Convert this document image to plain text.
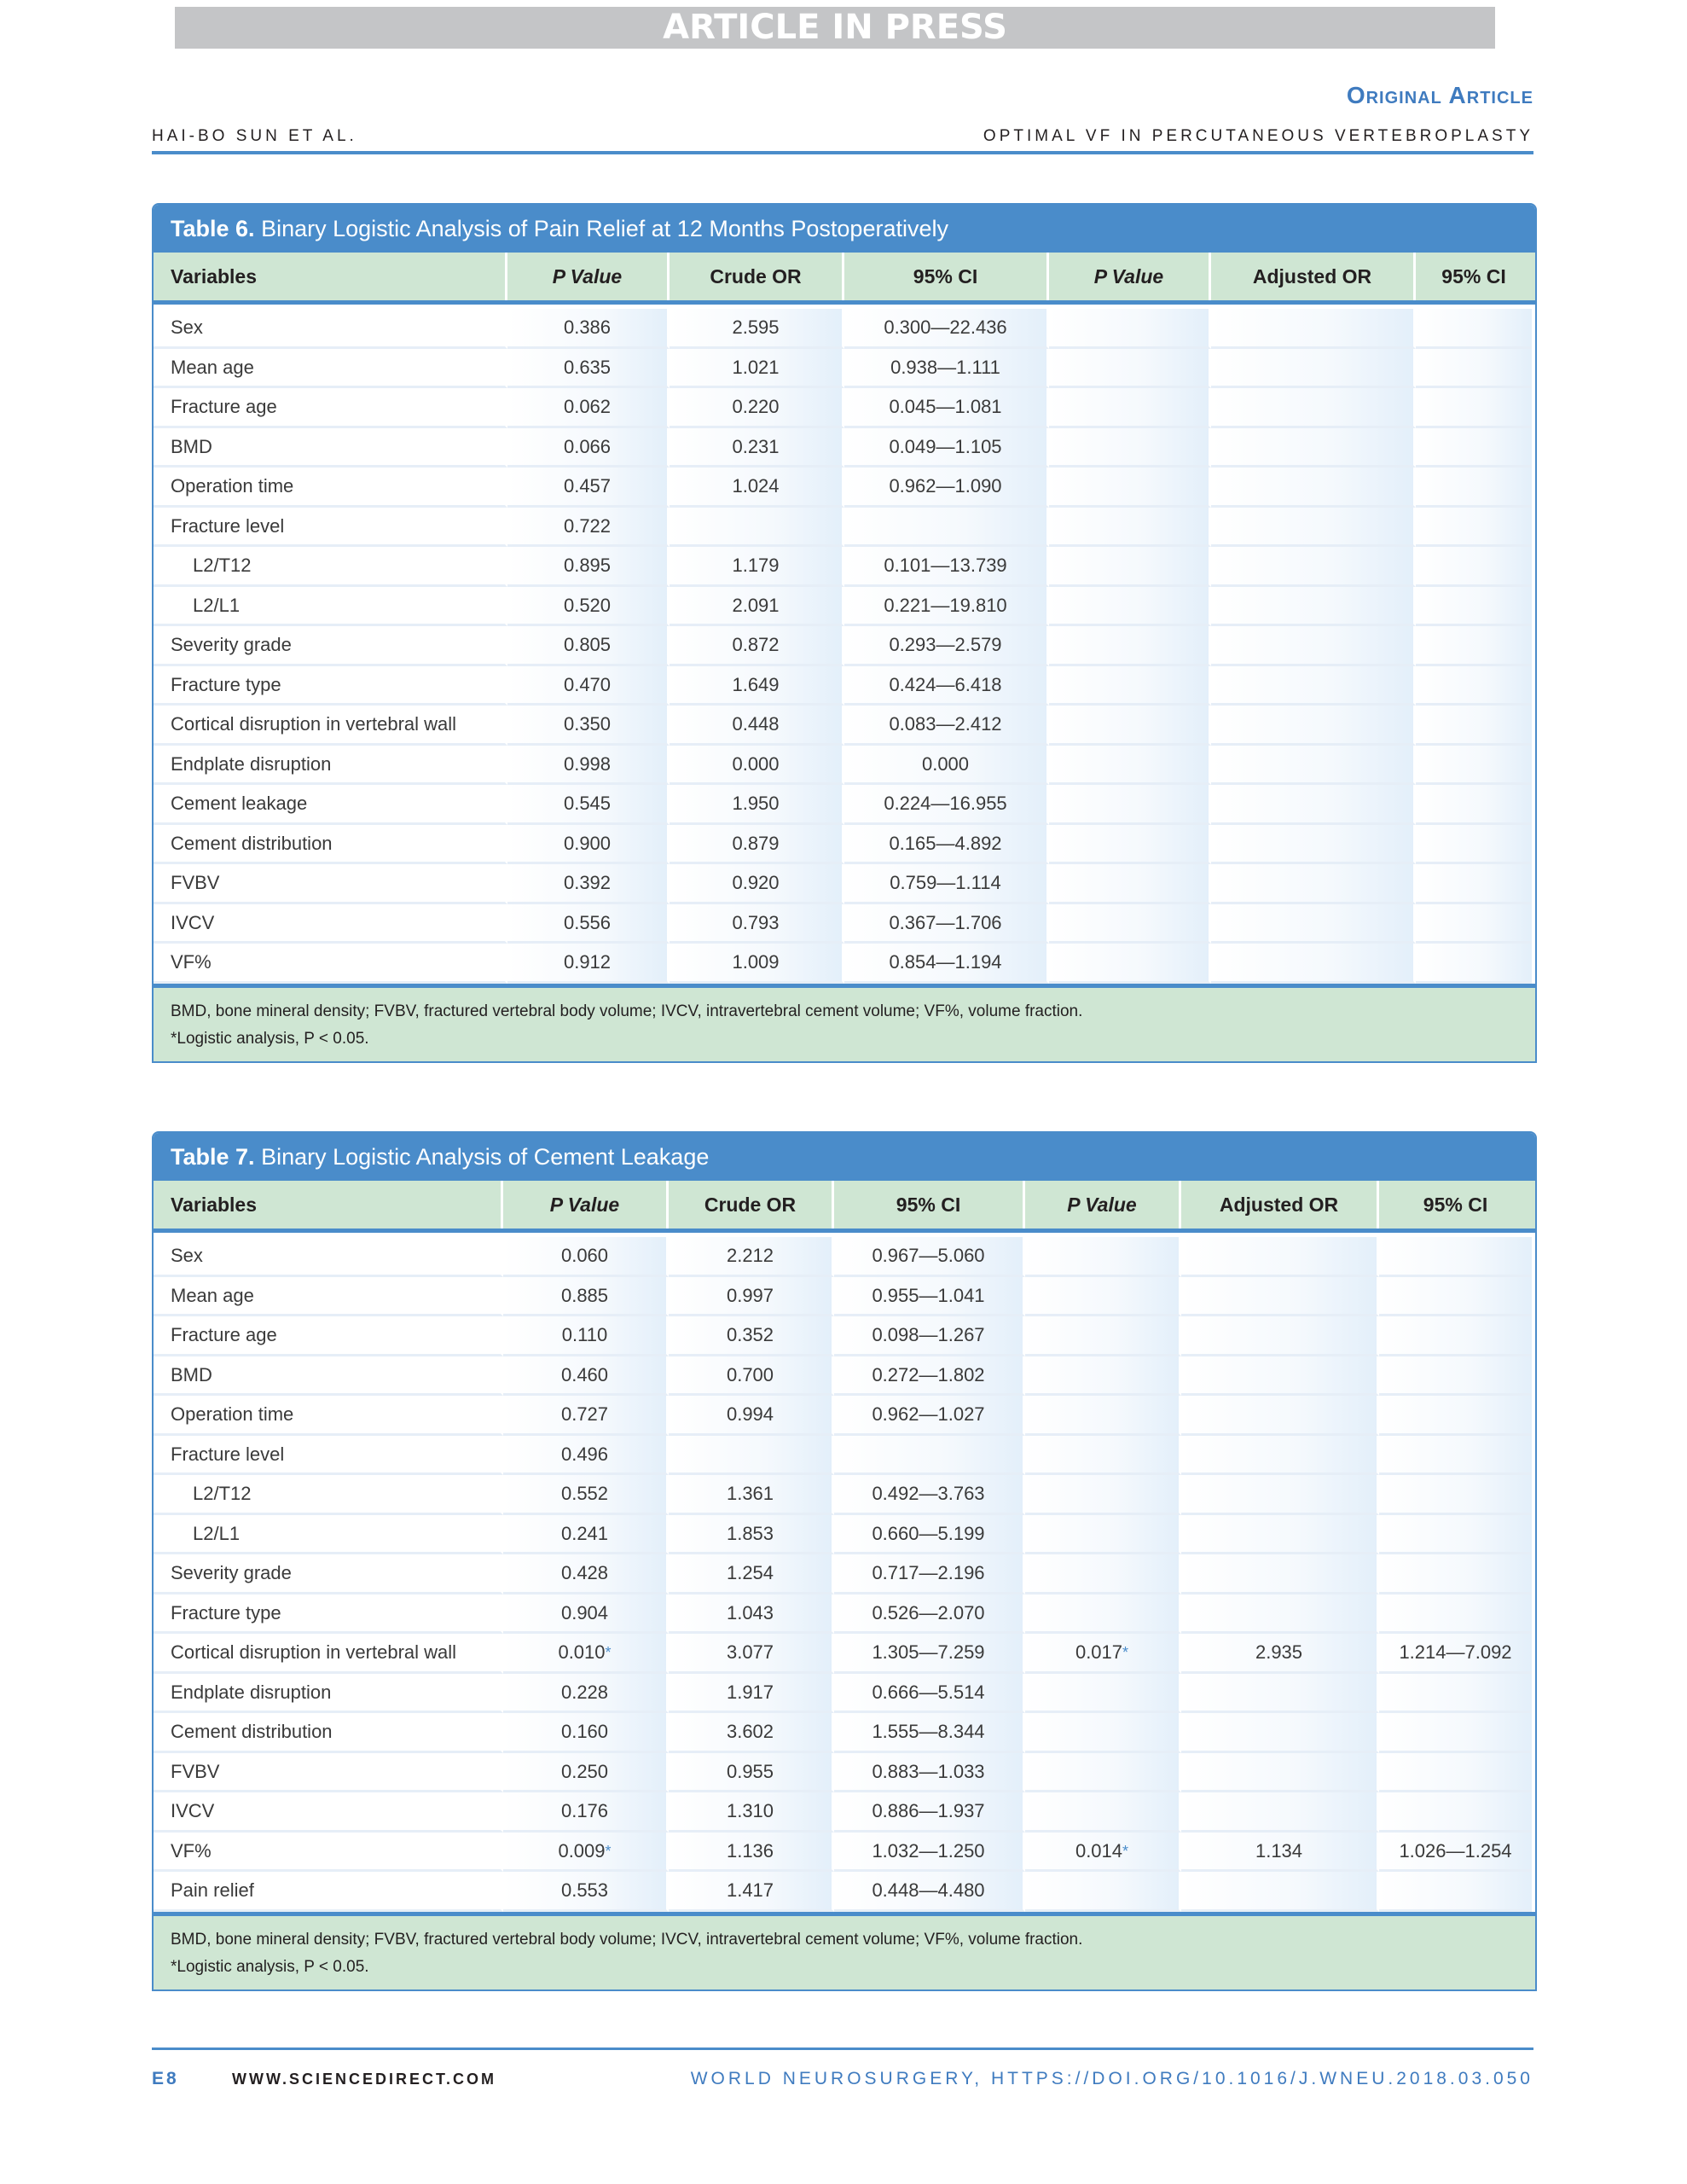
ARTICLE IN PRESS
Original Article
HAI-BO SUN ET AL.	OPTIMAL VF IN PERCUTANEOUS VERTEBROPLASTY
Table 6. Binary Logistic Analysis of Pain Relief at 12 Months Postoperatively
Variables	P Value	Crude OR	95% CI	P Value	Adjusted OR	95% CI
Sex	0.386	2.595	0.300—22.436
Mean age	0.635	1.021	0.938—1.111
Fracture age	0.062	0.220	0.045—1.081
BMD	0.066	0.231	0.049—1.105
Operation time	0.457	1.024	0.962—1.090
Fracture level	0.722
L2/T12	0.895	1.179	0.101—13.739
L2/L1	0.520	2.091	0.221—19.810
Severity grade	0.805	0.872	0.293—2.579
Fracture type	0.470	1.649	0.424—6.418
Cortical disruption in vertebral wall	0.350	0.448	0.083—2.412
Endplate disruption	0.998	0.000	0.000
Cement leakage	0.545	1.950	0.224—16.955
Cement distribution	0.900	0.879	0.165—4.892
FVBV	0.392	0.920	0.759—1.114
IVCV	0.556	0.793	0.367—1.706
VF%	0.912	1.009	0.854—1.194
BMD, bone mineral density; FVBV, fractured vertebral body volume; IVCV, intravertebral cement volume; VF%, volume fraction.
*Logistic analysis, P < 0.05.
Table 7. Binary Logistic Analysis of Cement Leakage
Variables	P Value	Crude OR	95% CI	P Value	Adjusted OR	95% CI
Sex	0.060	2.212	0.967—5.060
Mean age	0.885	0.997	0.955—1.041
Fracture age	0.110	0.352	0.098—1.267
BMD	0.460	0.700	0.272—1.802
Operation time	0.727	0.994	0.962—1.027
Fracture level	0.496
L2/T12	0.552	1.361	0.492—3.763
L2/L1	0.241	1.853	0.660—5.199
Severity grade	0.428	1.254	0.717—2.196
Fracture type	0.904	1.043	0.526—2.070
Cortical disruption in vertebral wall	0.010*	3.077	1.305—7.259	0.017*	2.935	1.214—7.092
Endplate disruption	0.228	1.917	0.666—5.514
Cement distribution	0.160	3.602	1.555—8.344
FVBV	0.250	0.955	0.883—1.033
IVCV	0.176	1.310	0.886—1.937
VF%	0.009*	1.136	1.032—1.250	0.014*	1.134	1.026—1.254
Pain relief	0.553	1.417	0.448—4.480
BMD, bone mineral density; FVBV, fractured vertebral body volume; IVCV, intravertebral cement volume; VF%, volume fraction.
*Logistic analysis, P < 0.05.
E8	WWW.SCIENCEDIRECT.COM	WORLD NEUROSURGERY, HTTPS://DOI.ORG/10.1016/J.WNEU.2018.03.050
